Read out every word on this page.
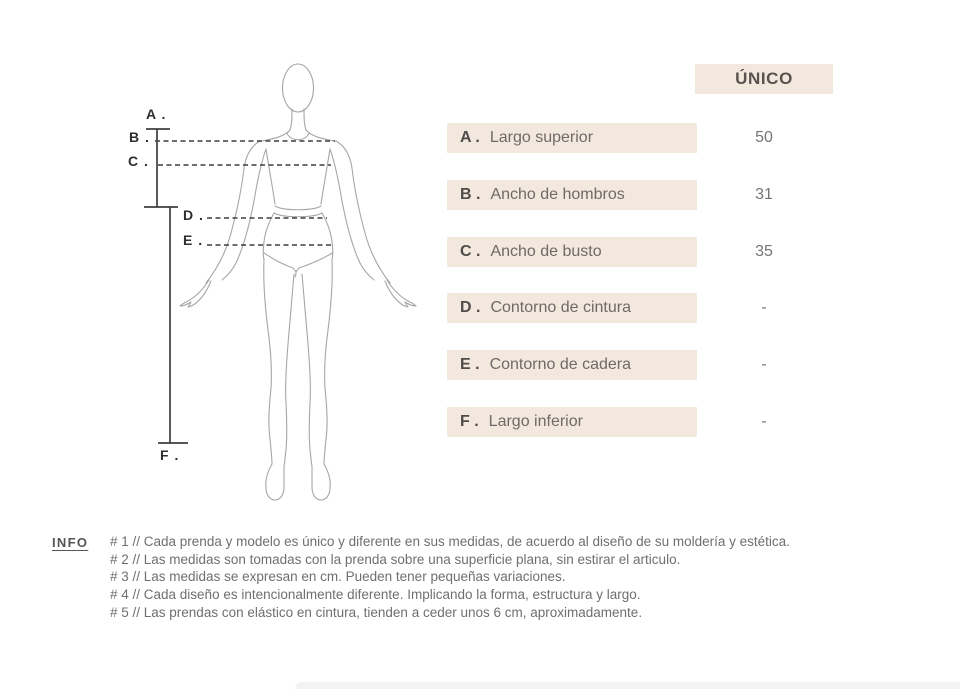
A .
B .
C .
D .
E .
F .
ÚNICO
A . Largo superior	50
B . Ancho de hombros	31
C . Ancho de busto	35
D . Contorno de cintura	-
E . Contorno de cadera	-
F . Largo inferior	-
INFO # 1 // Cada prenda y modelo es único y diferente en sus medidas, de acuerdo al diseño de su moldería y estética.
# 2 // Las medidas son tomadas con la prenda sobre una superficie plana, sin estirar el articulo.
# 3 // Las medidas se expresan en cm. Pueden tener pequeñas variaciones.
# 4 // Cada diseño es intencionalmente diferente. Implicando la forma, estructura y largo.
# 5 // Las prendas con elástico en cintura, tienden a ceder unos 6 cm, aproximadamente.
